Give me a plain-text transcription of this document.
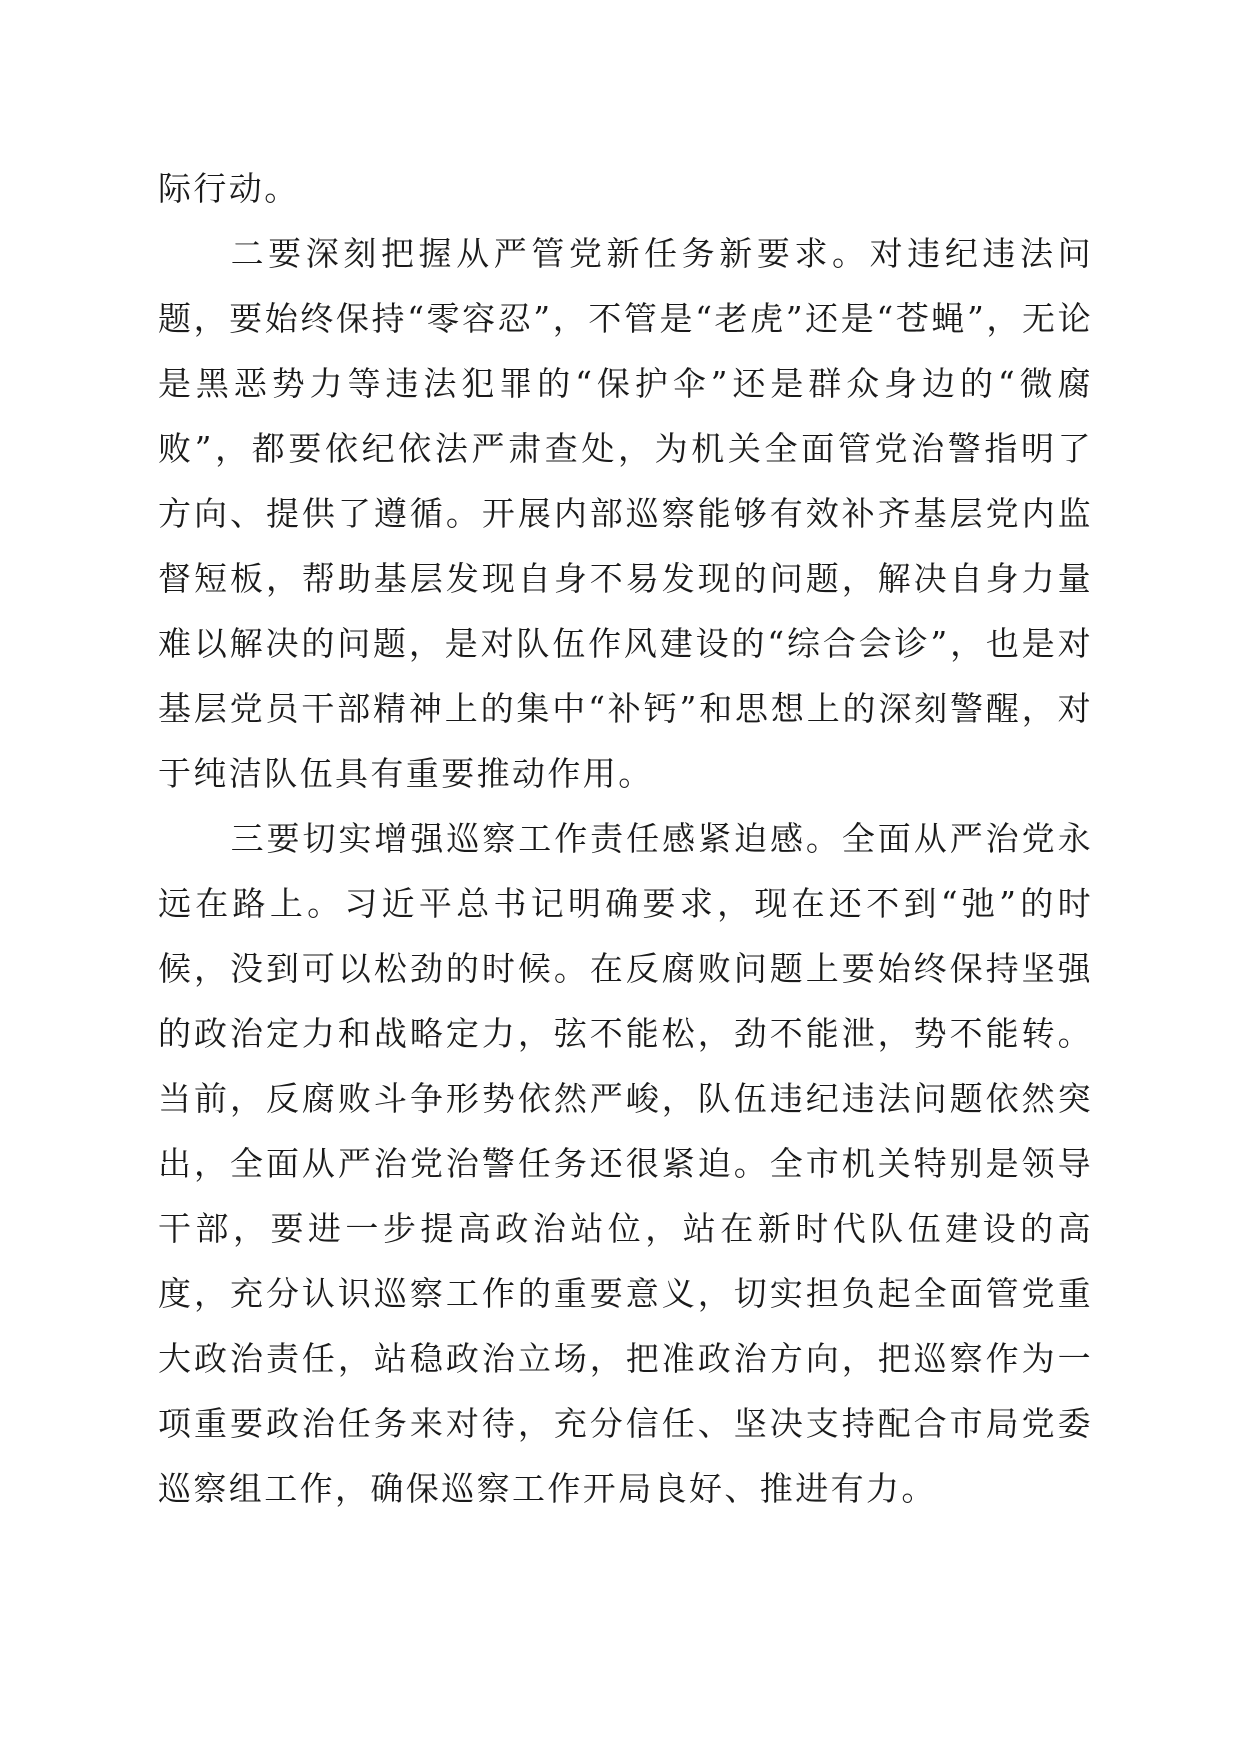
际行动。

二要深刻把握从严管党新任务新要求。对违纪违法问题，要始终保持“零容忍”，不管是“老虎”还是“苍蝇”，无论是黑恶势力等违法犯罪的“保护伞”还是群众身边的“微腐败”，都要依纪依法严肃查处，为机关全面管党治警指明了方向、提供了遵循。开展内部巡察能够有效补齐基层党内监督短板，帮助基层发现自身不易发现的问题，解决自身力量难以解决的问题，是对队伍作风建设的“综合会诊”，也是对基层党员干部精神上的集中“补钙”和思想上的深刻警醒，对于纯洁队伍具有重要推动作用。

三要切实增强巡察工作责任感紧迫感。全面从严治党永远在路上。习近平总书记明确要求，现在还不到“弛”的时候，没到可以松劲的时候。在反腐败问题上要始终保持坚强的政治定力和战略定力，弦不能松，劲不能泄，势不能转。当前，反腐败斗争形势依然严峻，队伍违纪违法问题依然突出，全面从严治党治警任务还很紧迫。全市机关特别是领导干部，要进一步提高政治站位，站在新时代队伍建设的高度，充分认识巡察工作的重要意义，切实担负起全面管党重大政治责任，站稳政治立场，把准政治方向，把巡察作为一项重要政治任务来对待，充分信任、坚决支持配合市局党委巡察组工作，确保巡察工作开局良好、推进有力。
